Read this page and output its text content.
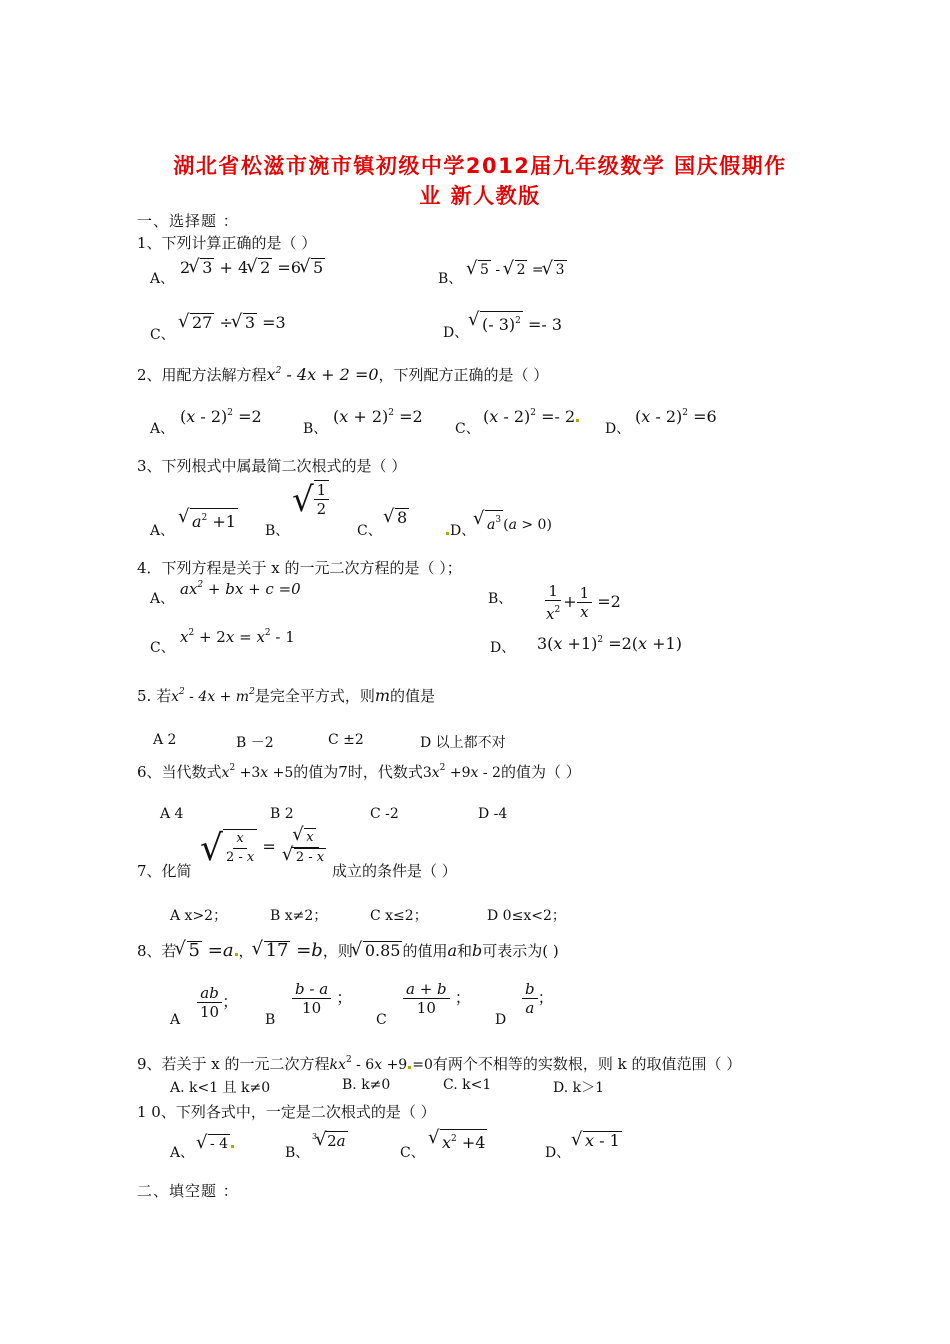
湖北省松滋市涴市镇初级中学2012届九年级数学 国庆假期作
业 新人教版
一、选择题 ：
1、下列计算正确的是（ ）
A、
2 √ 3 + 4 √ 2 =6 √ 5
B、
√ 5 - √ 2 = √ 3
C、
√ 27 ÷ √ 3 =3
D、 √ (- 3)$^2$ =- 3
2、用配方法解方程$x^2 - 4x + 2 =0$，下列配方正确的是（ ）
A、
(x - 2)$^2$ =2
B、
$(x + 2)^2 =2$
C、
(x - 2)$^2$ =- 2
D、
(x - 2)$^2$ =6
3、下列根式中属最简二次根式的是（ ）
A、	√ $a^2 +1$ B、
√ $\frac{1}{2}$
C、
√ 8
D、 √ $a^3$ (a > 0)
4．下列方程是关于 x 的一元二次方程的是（ ）；
A、
$ax^2$ + bx + c =0
B、 $\frac{1}{x^2} + \frac{1}{x} =2$
C、
$x^2 + 2x = x^2 - 1$
D、 $3(x +1)^2 =2(x +1)$
5. 若$x^2 - 4x + m^2$是完全平方式，则m的值是
A 2	B －2	C ±2	D 以上都不对
6、当代数式$x^2 +3x +5$的值为7时，代数式$3x^2 +9x - 2$的值为（ ）
A 4	B 2	C -2	D -4
7、化简
√ $\frac{x}{2 - x}$ = √ x
√ 2 - x
成立的条件是（ ）
A x>2；	B x≠2；	C x≤2；	D 0≤x<2；
8、若 √ 5 =a ， √ 17 =b，则 √ 0.85 的值用a和b可表示为( )
A $\frac{ab}{10}$ ；
B
$\frac{b - a}{10}$ ；
C
$\frac{a + b}{10}$ ；
D
$\frac{b}{a}$ ；
9、若关于 x 的一元二次方程$kx^2 - 6x +9 =0$有两个不相等的实数根，则 k 的取值范围（ ）
A. k<1 且 k≠0	B. k≠0	C. k<1	D. k＞1
1 0、下列各式中，一定是二次根式的是（ ）
A、
√ - 4
B、
$^3$ √ 2a
C、
√ $x^2 +4$
D、
√ x - 1
二、填空题 ：
